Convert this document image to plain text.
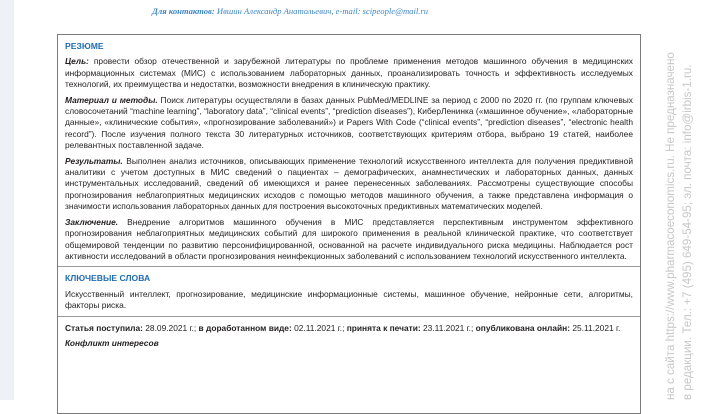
Для контактов: Ившин Александр Анатольевич, e-mail: scipeople@mail.ru
РЕЗЮМЕ

Цель: провести обзор отечественной и зарубежной литературы по проблеме применения методов машинного обучения в медицинских информационных системах (МИС) с использованием лабораторных данных, проанализировать точность и эффективность исследуемых технологий, их преимущества и недостатки, возможности внедрения в клиническую практику.

Материал и методы. Поиск литературы осуществляли в базах данных PubMed/MEDLINE за период с 2000 по 2020 гг. (по группам ключевых словосочетаний “machine learning”, “laboratory data”, “clinical events”, “prediction diseases”), КиберЛенинка («машинное обучение», «лабораторные данные», «клинические события», «прогнозирование заболеваний») и Papers With Code (“clinical events”, “prediction diseases”, “electronic health record”). После изучения полного текста 30 литературных источников, соответствующих критериям отбора, выбрано 19 статей, наиболее релевантных поставленной задаче.

Результаты. Выполнен анализ источников, описывающих применение технологий искусственного интеллекта для получения предиктивной аналитики с учетом доступных в МИС сведений о пациентах – демографических, анамнестических и лабораторных данных, данных инструментальных исследований, сведений об имеющихся и ранее перенесенных заболеваниях. Рассмотрены существующие способы прогнозирования неблагоприятных медицинских исходов с помощью методов машинного обучения, а также представлена информация о значимости использования лабораторных данных для построения высокоточных предиктивных математических моделей.

Заключение. Внедрение алгоритмов машинного обучения в МИС представляется перспективным инструментом эффективного прогнозирования неблагоприятных медицинских событий для широкого применения в реальной клинической практике, что соответствует общемировой тенденции по развитию персонифицированной, основанной на расчете индивидуального риска медицины. Наблюдается рост активности исследований в области прогнозирования неинфекционных заболеваний с использованием технологий искусственного интеллекта.

КЛЮЧЕВЫЕ СЛОВА

Искусственный интеллект, прогнозирование, медицинские информационные системы, машинное обучение, нейронные сети, алгоритмы, факторы риска.

Статья поступила: 28.09.2021 г.; в доработанном виде: 02.11.2021 г.; принята к печати: 23.11.2021 г.; опубликована онлайн: 25.11.2021 г.

Конфликт интересов	на с сайта https://www.pharmacoeconomics.ru. Не предназначено в редакции. Тел.: +7 (495) 649-54-95; эл. почта: info@irbis-1.ru.
